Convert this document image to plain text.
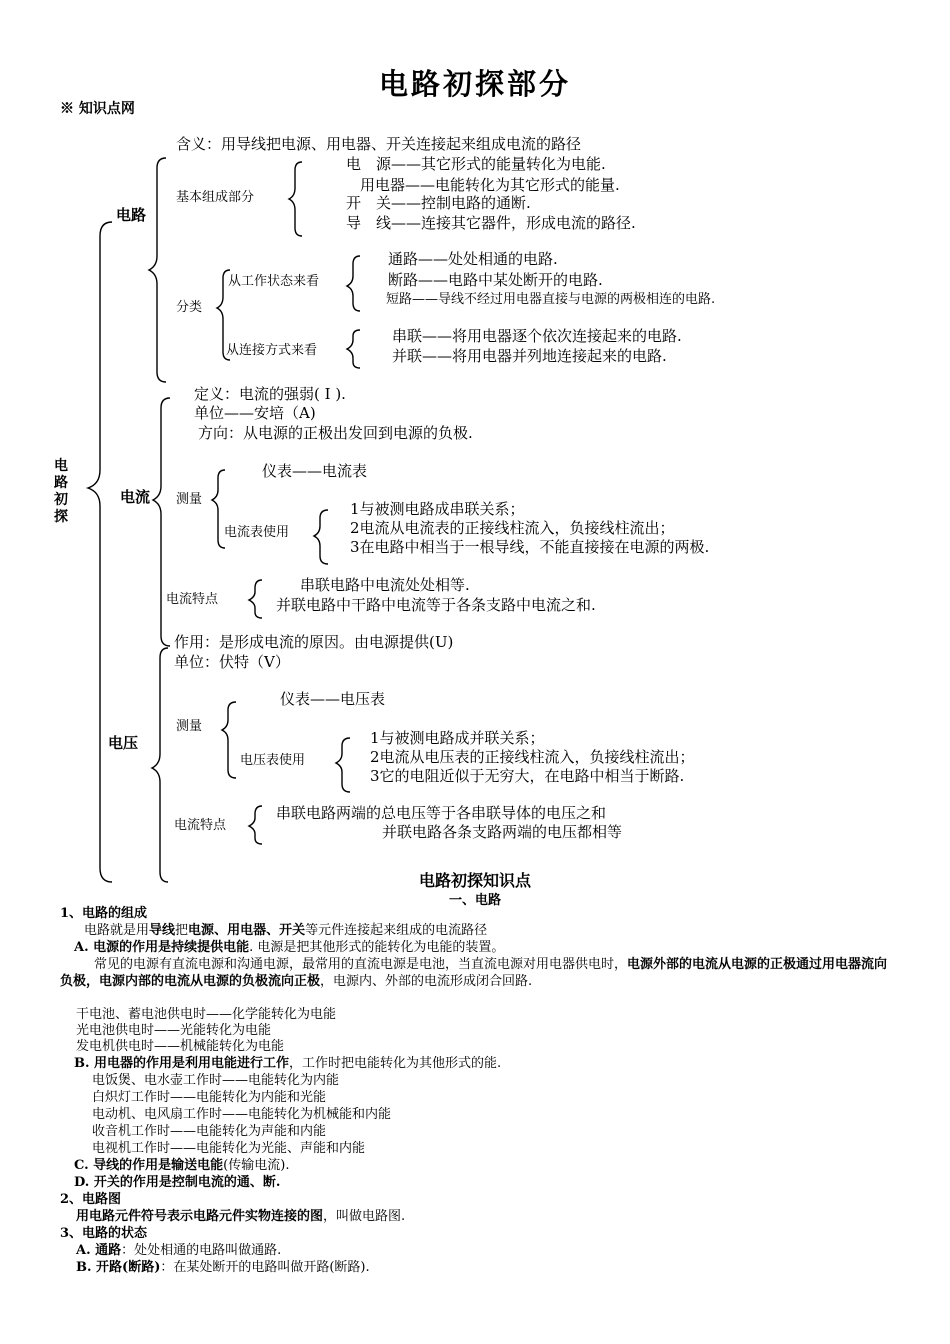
电路初探部分
※ 知识点网
电路初探
电路
含义：用导线把电源、用电器、开关连接起来组成电流的路径
基本组成部分
电　源——其它形式的能量转化为电能.
用电器——电能转化为其它形式的能量.
开　关——控制电路的通断.
导　线——连接其它器件，形成电流的路径.
分类
从工作状态来看
通路——处处相通的电路.
断路——电路中某处断开的电路.
短路——导线不经过用电器直接与电源的两极相连的电路.
从连接方式来看
串联——将用电器逐个依次连接起来的电路.
并联——将用电器并列地连接起来的电路.
电流
定义：电流的强弱( I ).
单位——安培（A)
方向：从电源的正极出发回到电源的负极.
测量
仪表——电流表
电流表使用
1与被测电路成串联关系；
2电流从电流表的正接线柱流入，负接线柱流出；
3在电路中相当于一根导线，不能直接接在电源的两极.
电流特点
串联电路中电流处处相等.
并联电路中干路中电流等于各条支路中电流之和.
电压
作用：是形成电流的原因。由电源提供(U)
单位：伏特（V）
测量
仪表——电压表
电压表使用
1与被测电路成并联关系；
2电流从电压表的正接线柱流入，负接线柱流出；
3它的电阻近似于无穷大，在电路中相当于断路.
电流特点
串联电路两端的总电压等于各串联导体的电压之和
并联电路各条支路两端的电压都相等
电路初探知识点
一、电路
1、电路的组成
电路就是用导线把电源、用电器、开关等元件连接起来组成的电流路径
A. 电源的作用是持续提供电能. 电源是把其他形式的能转化为电能的装置。
常见的电源有直流电源和沟通电源，最常用的直流电源是电池，当直流电源对用电器供电时，电源外部的电流从电源的正极通过用电器流向负极，电源内部的电流从电源的负极流向正极，电源内、外部的电流形成闭合回路.
干电池、蓄电池供电时——化学能转化为电能
光电池供电时——光能转化为电能
发电机供电时——机械能转化为电能
B. 用电器的作用是利用电能进行工作，工作时把电能转化为其他形式的能.
电饭煲、电水壶工作时——电能转化为内能
白炽灯工作时——电能转化为内能和光能
电动机、电风扇工作时——电能转化为机械能和内能
收音机工作时——电能转化为声能和内能
电视机工作时——电能转化为光能、声能和内能
C. 导线的作用是输送电能(传输电流).
D. 开关的作用是控制电流的通、断.
2、电路图
用电路元件符号表示电路元件实物连接的图，叫做电路图.
3、电路的状态
A. 通路：处处相通的电路叫做通路.
B. 开路(断路)：在某处断开的电路叫做开路(断路).
